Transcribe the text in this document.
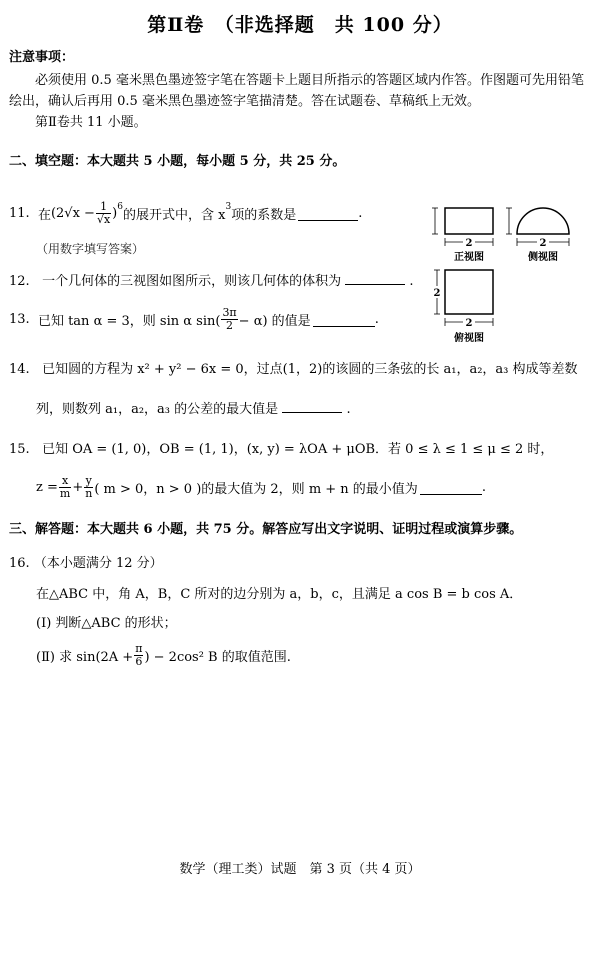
第Ⅱ卷　（非选择题　共 100 分）
注意事项：
必须使用 0.5 毫米黑色墨迹签字笔在答题卡上题目所指示的答题区域内作答。作图题可先用铅笔绘出，确认后再用 0.5 毫米黑色墨迹签字笔描清楚。答在试题卷、草稿纸上无效。
第Ⅱ卷共 11 小题。
二、填空题：本大题共 5 小题，每小题 5 分，共 25 分。
11.
在 $(2√x - \frac{1}{√x} )^6$
的展开式中，含 x
$^3$
项的系数是	.
（用数字填写答案）
12. 一个几何体的三视图如图所示，则该几何体的体积为	.
13.
已知 tan α = 3，则 sin α $\sin( \frac{3\pi}{2} - \alpha)$ 的值是	.
14. 已知圆的方程为 x² + y² − 6x = 0，过点(1，2)的该圆的三条弦的长 a₁，a₂，a₃ 构成等差数
列，则数列 a₁，a₂，a₃ 的公差的最大值是	.
15. 已知 OA = (1, 0)，OB = (1, 1)，(x, y) = λOA + μOB．若 0 ≤ λ ≤ 1 ≤ μ ≤ 2 时，
$z = \frac{x}{m} + \frac{y}{n}$ ( m > 0，n > 0 )的最大值为 2，则 m + n 的最小值为	.
三、解答题：本大题共 6 小题，共 75 分。解答应写出文字说明、证明过程或演算步骤。
16. （本小题满分 12 分）
在△ABC 中，角 A，B，C 所对的边分别为 a，b，c，且满足 a cos B = b cos A．
(Ⅰ) 判断△ABC 的形状；
(Ⅱ) 求 $\sin(2A + \frac{\pi}{6}$ ) − 2cos² B 的取值范围.
2
正视图
2
侧视图
2
2
俯视图
数学（理工类）试题　第 3 页（共 4 页）
